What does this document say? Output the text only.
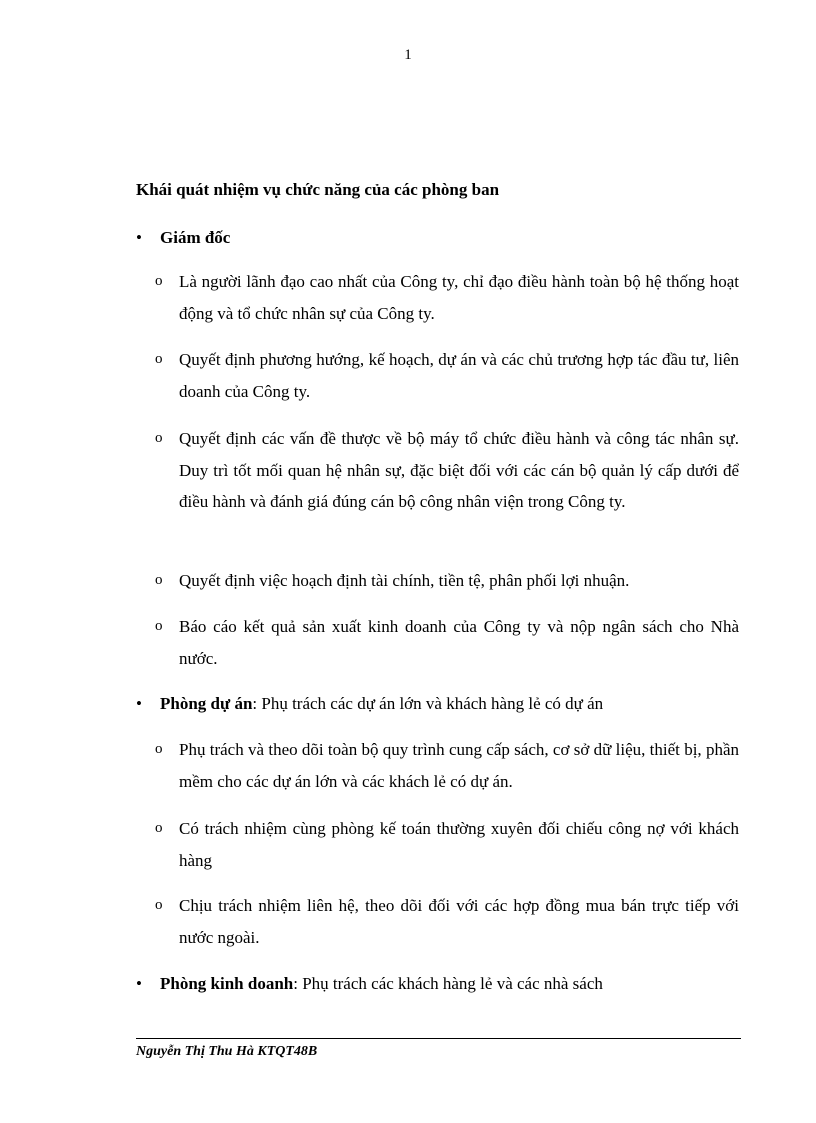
1
Khái quát nhiệm vụ chức năng của các phòng ban
• Giám đốc
o Là người lãnh đạo cao nhất của Công ty, chỉ đạo điều hành toàn bộ hệ thống hoạt động và tổ chức nhân sự của Công ty.
o Quyết định phương hướng, kế hoạch, dự án và các chủ trương hợp tác đầu tư, liên doanh của Công ty.
o Quyết định các vấn đề thược về bộ máy tổ chức điều hành và công tác nhân sự. Duy trì tốt mối quan hệ nhân sự, đặc biệt đối với các cán bộ quản lý cấp dưới để điều hành và đánh giá đúng cán bộ công nhân viện trong Công ty.
o Quyết định việc hoạch định tài chính, tiền tệ, phân phối lợi nhuận.
o Báo cáo kết quả sản xuất kinh doanh của Công ty và nộp ngân sách cho Nhà nước.
• Phòng dự án: Phụ trách các dự án lớn và khách hàng lẻ có dự án
o Phụ trách và theo dõi toàn bộ quy trình cung cấp sách, cơ sở dữ liệu, thiết bị, phần mềm cho các dự án lớn và các khách lẻ có dự án.
o Có trách nhiệm cùng phòng kế toán thường xuyên đối chiếu công nợ với khách hàng
o Chịu trách nhiệm liên hệ, theo dõi đối với các hợp đồng mua bán trực tiếp với nước ngoài.
• Phòng kinh doanh: Phụ trách các khách hàng lẻ và các nhà sách
Nguyễn Thị Thu Hà KTQT48B
